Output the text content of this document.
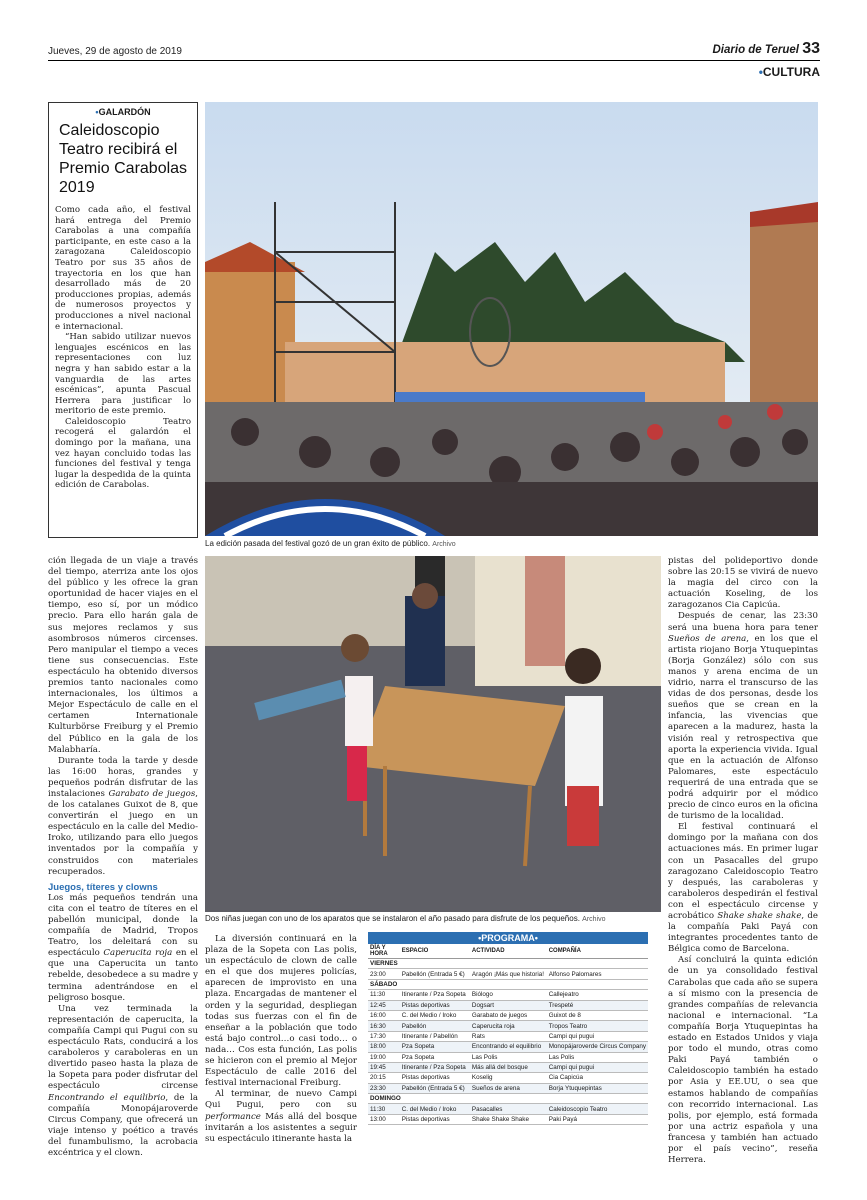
Jueves, 29 de agosto de 2019	Diario de Teruel 33
•CULTURA
•GALARDÓN
Caleidoscopio Teatro recibirá el Premio Carabolas 2019

Como cada año, el festival hará entrega del Premio Carabolas a una compañía participante, en este caso a la zaragozana Caleidoscopio Teatro por sus 35 años de trayectoria en los que han desarrollado más de 20 producciones propias, además de numerosos proyectos y producciones a nivel nacional e internacional.

“Han sabido utilizar nuevos lenguajes escénicos en las representaciones con luz negra y han sabido estar a la vanguardia de las artes escénicas”, apunta Pascual Herrera para justificar lo meritorio de este premio.

Caleidoscopio Teatro recogerá el galardón el domingo por la mañana, una vez hayan concluido todas las funciones del festival y tenga lugar la despedida de la quinta edición de Carabolas.

La edición pasada del festival gozó de un gran éxito de público. Archivo
Dos niñas juegan con uno de los aparatos que se instalaron el año pasado para disfrute de los pequeños. Archivo

ción llegada de un viaje a través del tiempo, aterriza ante los ojos del público y les ofrece la gran oportunidad de hacer viajes en el tiempo, eso sí, por un módico precio. Para ello harán gala de sus mejores reclamos y sus asombrosos números circenses. Pero manipular el tiempo a veces tiene sus consecuencias. Este espectáculo ha obtenido diversos premios tanto nacionales como internacionales, los últimos a Mejor Espectáculo de calle en el certamen Internationale Kulturbörse Freiburg y el Premio del Público en la gala de los Malabharía.

Durante toda la tarde y desde las 16:00 horas, grandes y pequeños podrán disfrutar de las instalaciones Garabato de juegos, de los catalanes Guixot de 8, que convertirán el juego en un espectáculo en la calle del Medio-Iroko, utilizando para ello juegos inventados por la compañía y construidos con materiales recuperados.

Juegos, títeres y clowns

Los más pequeños tendrán una cita con el teatro de títeres en el pabellón municipal, donde la compañía de Madrid, Tropos Teatro, los deleitará con su espectáculo Caperucita roja en el que una Caperucita un tanto rebelde, desobedece a su madre y termina adentrándose en el peligroso bosque.

Una vez terminada la representación de caperucita, la compañía Campi qui Pugui con su espectáculo Rats, conducirá a los caraboleros y caraboleras en un divertido paseo hasta la plaza de la Sopeta para poder disfrutar del espectáculo circense Encontrando el equilibrio, de la compañía Monopájaroverde Circus Company, que ofrecerá un viaje intenso y poético a través del funambulismo, la acrobacia excéntrica y el clown.

La diversión continuará en la plaza de la Sopeta con Las polis, un espectáculo de clown de calle en el que dos mujeres policías, aparecen de improvisto en una plaza. Encargadas de mantener el orden y la seguridad, despliegan todas sus fuerzas con el fin de enseñar a la población que todo está bajo control…o casi todo… o nada… Cos esta función, Las polis se hicieron con el premio al Mejor Espectáculo de calle 2016 del festival internacional Freiburg.

Al terminar, de nuevo Campi Qui Pugui, pero con su performance Más allá del bosque invitarán a los asistentes a seguir su espectáculo itinerante hasta la

pistas del polideportivo donde sobre las 20:15 se vivirá de nuevo la magia del circo con la actuación Koseling, de los zaragozanos Cia Capicúa.

Después de cenar, las 23:30 será una buena hora para tener Sueños de arena, en los que el artista riojano Borja Ytuquepintas (Borja González) sólo con sus manos y arena encima de un vidrio, narra el transcurso de las vidas de dos personas, desde los sueños que se crean en la infancia, las vivencias que aparecen a la madurez, hasta la visión real y retrospectiva que aporta la experiencia vivida. Igual que en la actuación de Alfonso Palomares, este espectáculo requerirá de una entrada que se podrá adquirir por el módico precio de cinco euros en la oficina de turismo de la localidad.

El festival continuará el domingo por la mañana con dos actuaciones más. En primer lugar con un Pasacalles del grupo zaragozano Caleidoscopio Teatro y después, las caraboleras y caraboleros despedirán el festival con el espectáculo circense y acrobático Shake shake shake, de la compañía Paki Payá con integrantes procedentes tanto de Bélgica como de Barcelona.

Así concluirá la quinta edición de un ya consolidado festival Carabolas que cada año se supera a sí mismo con la presencia de grandes compañías de relevancia nacional e internacional. “La compañía Borja Ytuquepintas ha estado en Estados Unidos y viaja por todo el mundo, otras como Paki Payá también o Caleidoscopio también ha estado por Asia y EE.UU, o sea que estamos hablando de compañías con recorrido internacional. Las polis, por ejemplo, está formada por una actriz española y una francesa y también han actuado por el país vecino”, reseña Herrera.

•PROGRAMA•
DÍA Y HORA	ESPACIO	ACTIVIDAD	COMPAÑÍA
VIERNES			
23:00	Pabellón (Entrada 5 €)	Aragón ¡Más que historia!	Alfonso Palomares
SÁBADO			
11:30	Itinerante / Pza Sopeta	Biólogo	Callejeatro
12:45	Pistas deportivas	Dogsart	Trespeté
16:00	C. del Medio / Iroko	Garabato de juegos	Guixot de 8
16:30	Pabellón	Caperucita roja	Tropos Teatro
17:30	Itinerante / Pabellón	Rats	Campi qui pugui
18:00	Pza Sopeta	Encontrando el equilibrio	Monopájaroverde Circus Company
19:00	Pza Sopeta	Las Polis	Las Polis
19:45	Itinerante / Pza Sopeta	Más allá del bosque	Campi qui pugui
20:15	Pistas deportivas	Koselig	Cia Capicúa
23:30	Pabellón (Entrada 5 €)	Sueños de arena	Borja Ytuquepintas
DOMINGO			
11:30	C. del Medio / Iroko	Pasacalles	Caleidoscopio Teatro
13:00	Pistas deportivas	Shake Shake Shake	Paki Payá
